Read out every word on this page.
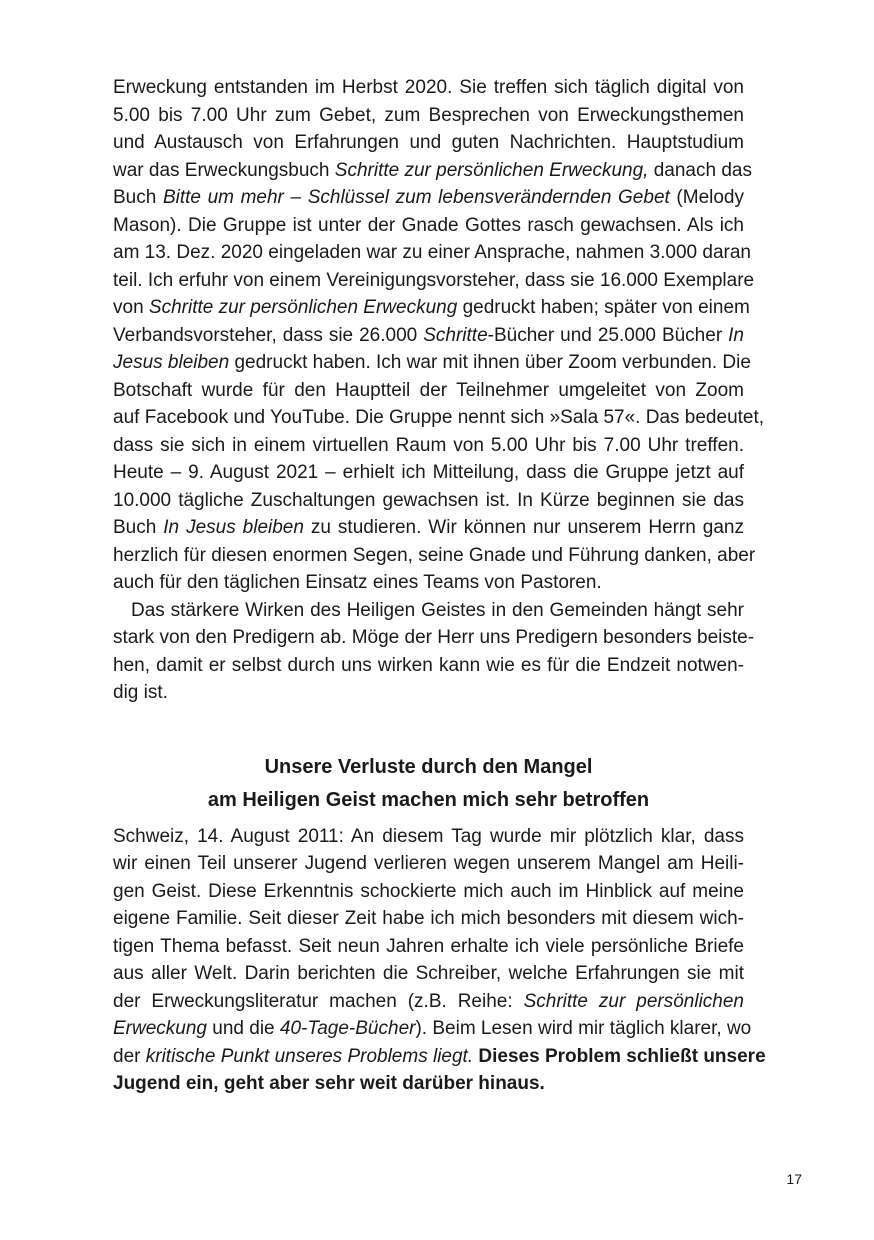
Erweckung entstanden im Herbst 2020. Sie treffen sich täglich digital von
5.00 bis 7.00 Uhr zum Gebet, zum Besprechen von Erweckungsthemen
und Austausch von Erfahrungen und guten Nachrichten. Hauptstudium
war das Erweckungsbuch Schritte zur persönlichen Erweckung, danach das
Buch Bitte um mehr – Schlüssel zum lebensverändernden Gebet (Melody
Mason). Die Gruppe ist unter der Gnade Gottes rasch gewachsen. Als ich
am 13. Dez. 2020 eingeladen war zu einer Ansprache, nahmen 3.000 daran
teil. Ich erfuhr von einem Vereinigungsvorsteher, dass sie 16.000 Exemplare
von Schritte zur persönlichen Erweckung gedruckt haben; später von einem
Verbandsvorsteher, dass sie 26.000 Schritte-Bücher und 25.000 Bücher In
Jesus bleiben gedruckt haben. Ich war mit ihnen über Zoom verbunden. Die
Botschaft wurde für den Hauptteil der Teilnehmer umgeleitet von Zoom
auf Facebook und YouTube. Die Gruppe nennt sich »Sala 57«. Das bedeutet,
dass sie sich in einem virtuellen Raum von 5.00 Uhr bis 7.00 Uhr treffen.
Heute – 9. August 2021 – erhielt ich Mitteilung, dass die Gruppe jetzt auf
10.000 tägliche Zuschaltungen gewachsen ist. In Kürze beginnen sie das
Buch In Jesus bleiben zu studieren. Wir können nur unserem Herrn ganz
herzlich für diesen enormen Segen, seine Gnade und Führung danken, aber
auch für den täglichen Einsatz eines Teams von Pastoren.
Das stärkere Wirken des Heiligen Geistes in den Gemeinden hängt sehr
stark von den Predigern ab. Möge der Herr uns Predigern besonders beiste-
hen, damit er selbst durch uns wirken kann wie es für die Endzeit notwen-
dig ist.
Unsere Verluste durch den Mangel
am Heiligen Geist machen mich sehr betroffen
Schweiz, 14. August 2011: An diesem Tag wurde mir plötzlich klar, dass
wir einen Teil unserer Jugend verlieren wegen unserem Mangel am Heili-
gen Geist. Diese Erkenntnis schockierte mich auch im Hinblick auf meine
eigene Familie. Seit dieser Zeit habe ich mich besonders mit diesem wich-
tigen Thema befasst. Seit neun Jahren erhalte ich viele persönliche Briefe
aus aller Welt. Darin berichten die Schreiber, welche Erfahrungen sie mit
der Erweckungsliteratur machen (z.B. Reihe: Schritte zur persönlichen
Erweckung und die 40-Tage-Bücher). Beim Lesen wird mir täglich klarer, wo
der kritische Punkt unseres Problems liegt. Dieses Problem schließt unsere
Jugend ein, geht aber sehr weit darüber hinaus.
17
